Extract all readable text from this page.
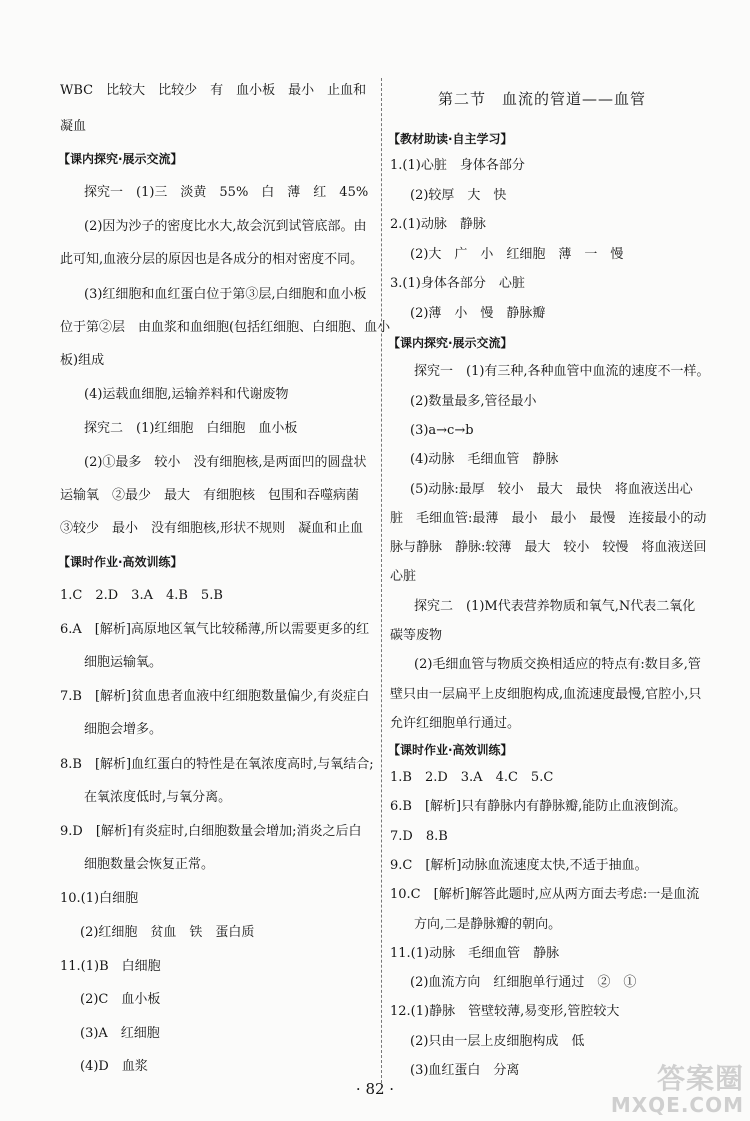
WBC　比较大　比较少　有　血小板　最小　止血和
凝血
【课内探究·展示交流】
探究一　(1)三　淡黄　55%　白　薄　红　45%
(2)因为沙子的密度比水大,故会沉到试管底部。由
此可知,血液分层的原因也是各成分的相对密度不同。
(3)红细胞和血红蛋白位于第③层,白细胞和血小板
位于第②层　由血浆和血细胞(包括红细胞、白细胞、血小
板)组成
(4)运载血细胞,运输养料和代谢废物
探究二　(1)红细胞　白细胞　血小板
(2)①最多　较小　没有细胞核,是两面凹的圆盘状
运输氧　②最少　最大　有细胞核　包围和吞噬病菌
③较少　最小　没有细胞核,形状不规则　凝血和止血
【课时作业·高效训练】
1.C　2.D　3.A　4.B　5.B
6.A　[解析]高原地区氧气比较稀薄,所以需要更多的红
细胞运输氧。
7.B　[解析]贫血患者血液中红细胞数量偏少,有炎症白
细胞会增多。
8.B　[解析]血红蛋白的特性是在氧浓度高时,与氧结合;
在氧浓度低时,与氧分离。
9.D　[解析]有炎症时,白细胞数量会增加;消炎之后白
细胞数量会恢复正常。
10.(1)白细胞
(2)红细胞　贫血　铁　蛋白质
11.(1)B　白细胞
(2)C　血小板
(3)A　红细胞
(4)D　血浆
第二节　血流的管道——血管
【教材助读·自主学习】
1.(1)心脏　身体各部分
(2)较厚　大　快
2.(1)动脉　静脉
(2)大　广　小　红细胞　薄　一　慢
3.(1)身体各部分　心脏
(2)薄　小　慢　静脉瓣
【课内探究·展示交流】
探究一　(1)有三种,各种血管中血流的速度不一样。
(2)数量最多,管径最小
(3)a→c→b
(4)动脉　毛细血管　静脉
(5)动脉:最厚　较小　最大　最快　将血液送出心
脏　毛细血管:最薄　最小　最小　最慢　连接最小的动
脉与静脉　静脉:较薄　最大　较小　较慢　将血液送回
心脏
探究二　(1)M代表营养物质和氧气,N代表二氧化
碳等废物
(2)毛细血管与物质交换相适应的特点有:数目多,管
壁只由一层扁平上皮细胞构成,血流速度最慢,官腔小,只
允许红细胞单行通过。
【课时作业·高效训练】
1.B　2.D　3.A　4.C　5.C
6.B　[解析]只有静脉内有静脉瓣,能防止血液倒流。
7.D　8.B
9.C　[解析]动脉血流速度太快,不适于抽血。
10.C　[解析]解答此题时,应从两方面去考虑:一是血流
方向,二是静脉瓣的朝向。
11.(1)动脉　毛细血管　静脉
(2)血流方向　红细胞单行通过　②　①
12.(1)静脉　管壁较薄,易变形,管腔较大
(2)只由一层上皮细胞构成　低
(3)血红蛋白　分离
· 82 ·	答案圈
MXQE.COM
